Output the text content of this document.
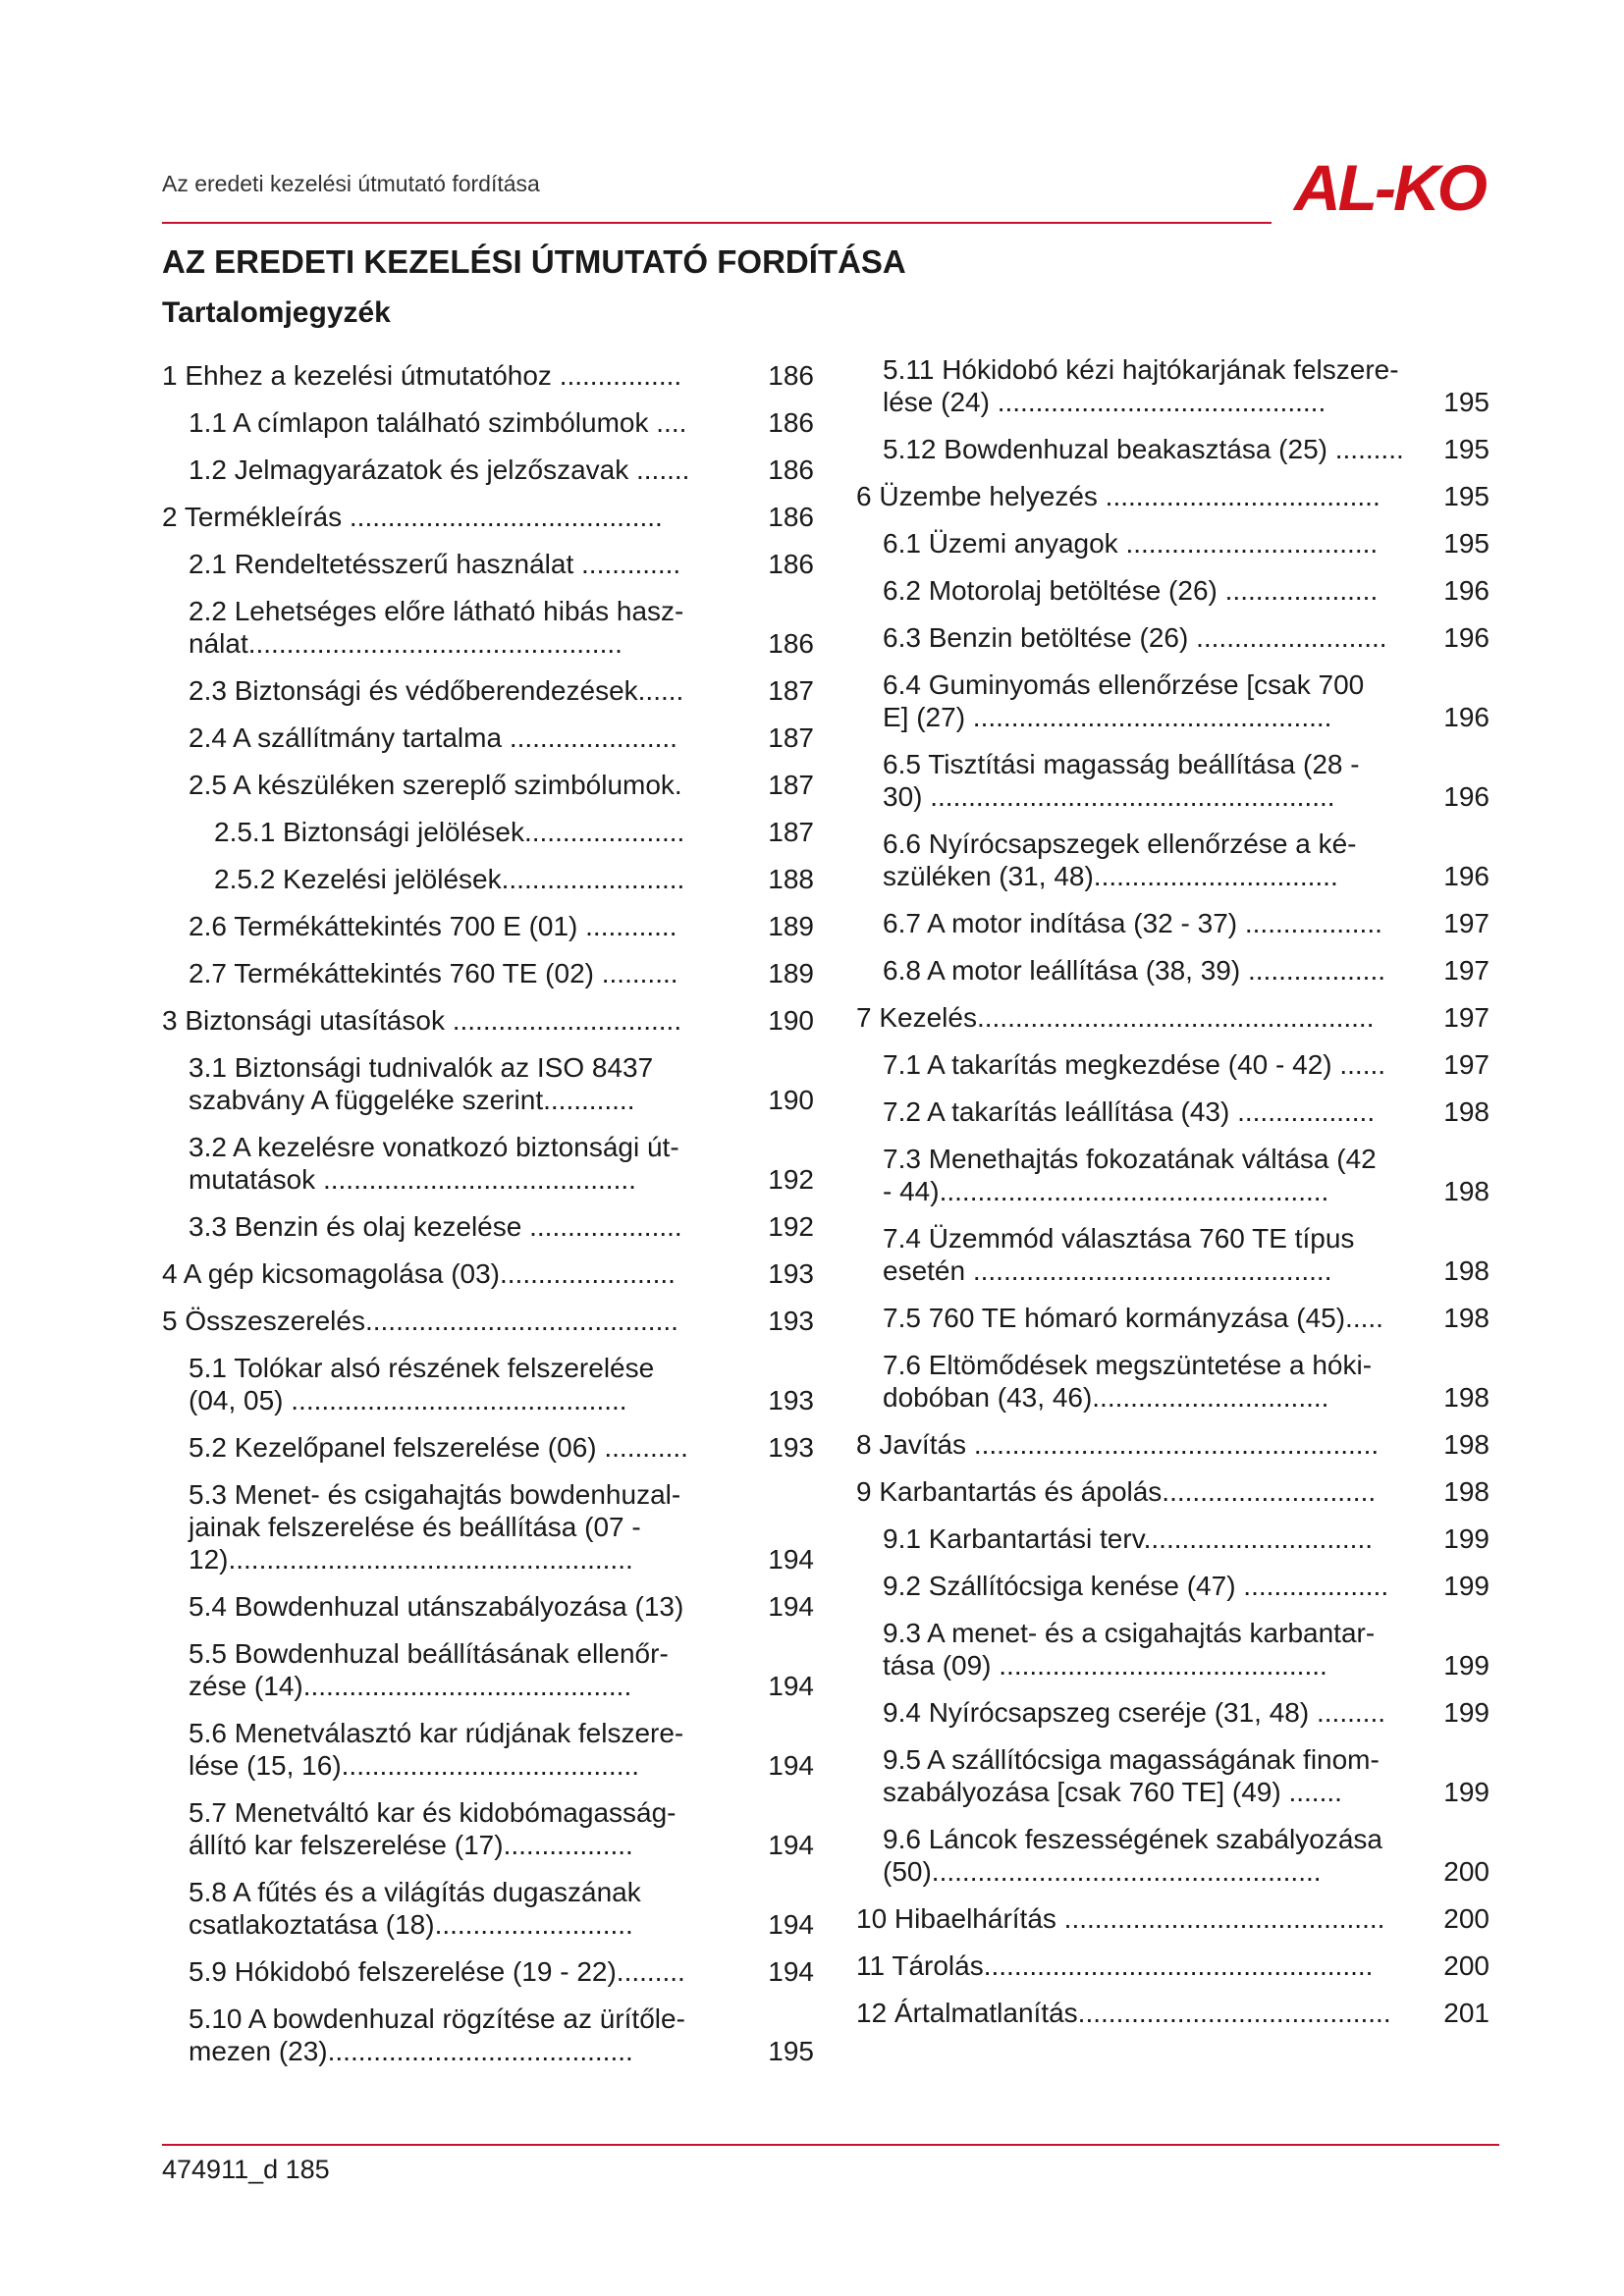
Az eredeti kezelési útmutató fordítása	AL-KO
AZ EREDETI KEZELÉSI ÚTMUTATÓ FORDÍTÁSA
Tartalomjegyzék
1 Ehhez a kezelési útmutatóhoz ................	186
1.1 A címlapon található szimbólumok ....	186
1.2 Jelmagyarázatok és jelzőszavak .......	186
2 Termékleírás .........................................	186
2.1 Rendeltetésszerű használat .............	186
2.2 Lehetséges előre látható hibás hasz-
nálat.................................................	186
2.3 Biztonsági és védőberendezések......	187
2.4 A szállítmány tartalma ......................	187
2.5 A készüléken szereplő szimbólumok.	187
2.5.1 Biztonsági jelölések.....................	187
2.5.2 Kezelési jelölések........................	188
2.6 Termékáttekintés 700 E (01) ............	189
2.7 Termékáttekintés 760 TE (02) ..........	189
3 Biztonsági utasítások ..............................	190
3.1 Biztonsági tudnivalók az ISO 8437
szabvány A függeléke szerint............	190
3.2 A kezelésre vonatkozó biztonsági út-
mutatások .........................................	192
3.3 Benzin és olaj kezelése ....................	192
4 A gép kicsomagolása (03).......................	193
5 Összeszerelés.........................................	193
5.1 Tolókar alsó részének felszerelése
(04, 05) ............................................	193
5.2 Kezelőpanel felszerelése (06) ...........	193
5.3 Menet- és csigahajtás bowdenhuzal-
jainak felszerelése és beállítása (07 -
12).....................................................	194
5.4 Bowdenhuzal utánszabályozása (13)	194
5.5 Bowdenhuzal beállításának ellenőr-
zése (14)...........................................	194
5.6 Menetválasztó kar rúdjának felszere-
lése (15, 16).......................................	194
5.7 Menetváltó kar és kidobómagasság-
állító kar felszerelése (17).................	194
5.8 A fűtés és a világítás dugaszának
csatlakoztatása (18)..........................	194
5.9 Hókidobó felszerelése (19 - 22).........	194
5.10 A bowdenhuzal rögzítése az ürítőle-
mezen (23)........................................	195
5.11 Hókidobó kézi hajtókarjának felszere-
lése (24) ...........................................	195
5.12 Bowdenhuzal beakasztása (25) .........	195
6 Üzembe helyezés ....................................	195
6.1 Üzemi anyagok .................................	195
6.2 Motorolaj betöltése (26) ....................	196
6.3 Benzin betöltése (26) .........................	196
6.4 Guminyomás ellenőrzése [csak 700
E] (27) ...............................................	196
6.5 Tisztítási magasság beállítása (28 -
30) .....................................................	196
6.6 Nyírócsapszegek ellenőrzése a ké-
szüléken (31, 48)................................	196
6.7 A motor indítása (32 - 37) ..................	197
6.8 A motor leállítása (38, 39) ..................	197
7 Kezelés....................................................	197
7.1 A takarítás megkezdése (40 - 42) ......	197
7.2 A takarítás leállítása (43) ..................	198
7.3 Menethajtás fokozatának váltása (42
- 44)...................................................	198
7.4 Üzemmód választása 760 TE típus
esetén ...............................................	198
7.5 760 TE hómaró kormányzása (45).....	198
7.6 Eltömődések megszüntetése a hóki-
dobóban (43, 46)...............................	198
8 Javítás .....................................................	198
9 Karbantartás és ápolás............................	198
9.1 Karbantartási terv..............................	199
9.2 Szállítócsiga kenése (47) ...................	199
9.3 A menet- és a csigahajtás karbantar-
tása (09) ...........................................	199
9.4 Nyírócsapszeg cseréje (31, 48) .........	199
9.5 A szállítócsiga magasságának finom-
szabályozása [csak 760 TE] (49) .......	199
9.6 Láncok feszességének szabályozása
(50)...................................................	200
10 Hibaelhárítás ..........................................	200
11 Tárolás...................................................	200
12 Ártalmatlanítás.........................................	201
474911_d 185
